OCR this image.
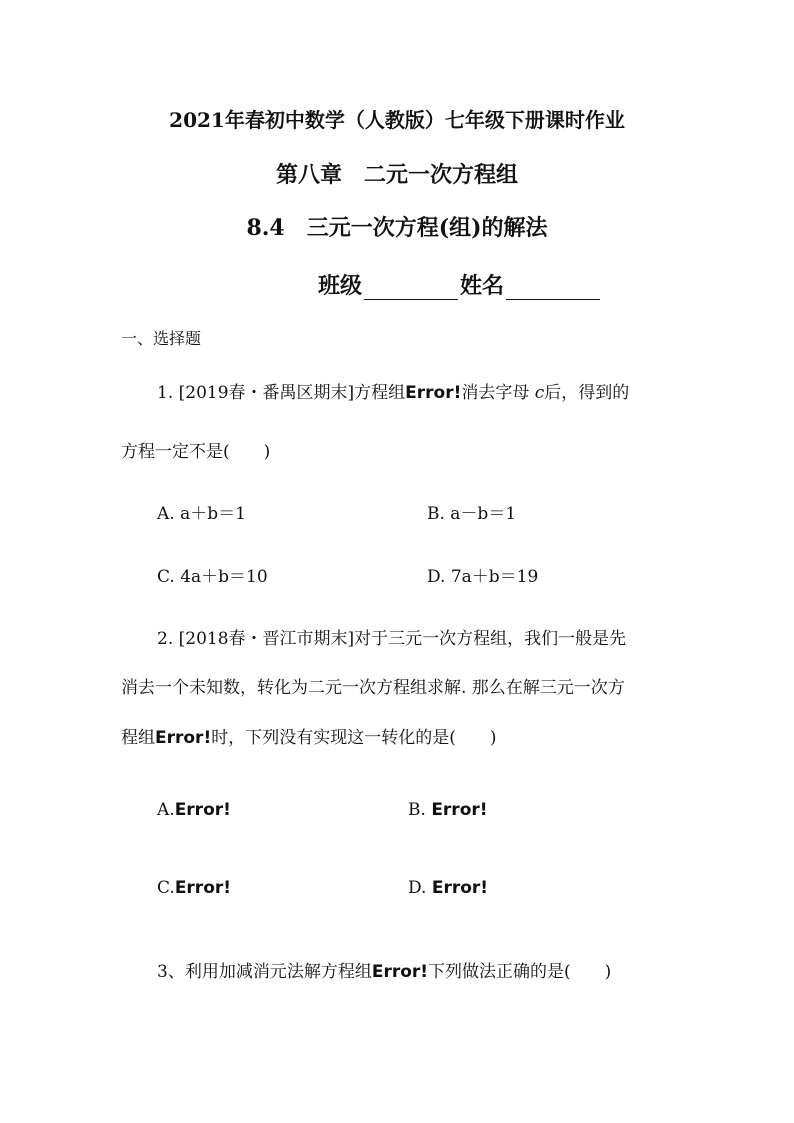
2021年春初中数学（人教版）七年级下册课时作业
第八章　二元一次方程组
8.4　三元一次方程(组)的解法
班级	姓名
一、选择题
1. [2019春・番禺区期末]方程组Error!消去字母 c后，得到的
方程一定不是(　　)
A. a＋b＝1	B. a－b＝1
C. 4a＋b＝10	D. 7a＋b＝19
2. [2018春・晋江市期末]对于三元一次方程组，我们一般是先
消去一个未知数，转化为二元一次方程组求解. 那么在解三元一次方
程组Error!时，下列没有实现这一转化的是(　　)
A.Error!	B. Error!
C.Error!	D. Error!
3、利用加减消元法解方程组Error!下列做法正确的是(　　)
